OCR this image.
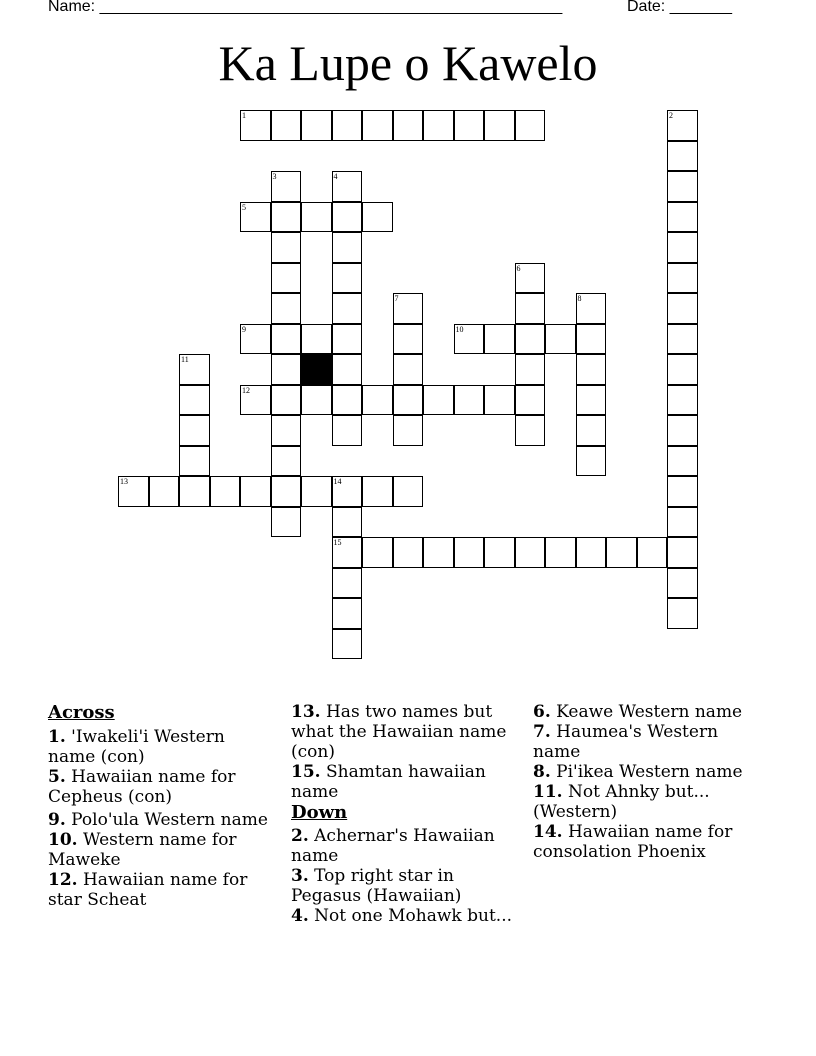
Name: ____________________________________________________	Date: _______
Ka Lupe o Kawelo
1	2
3	4
5
6
7	8
9	10
11
12
13	14
15
Across
1. 'Iwakeli'i Western name (con)
5. Hawaiian name for Cepheus (con)
9. Polo'ula Western name
10. Western name for Maweke
12. Hawaiian name for star Scheat
13. Has two names but what the Hawaiian name (con)
15. Shamtan hawaiian name
Down
2. Achernar's Hawaiian name
3. Top right star in Pegasus (Hawaiian)
4. Not one Mohawk but...
6. Keawe Western name
7. Haumea's Western name
8. Pi'ikea Western name
11. Not Ahnky but... (Western)
14. Hawaiian name for consolation Phoenix
